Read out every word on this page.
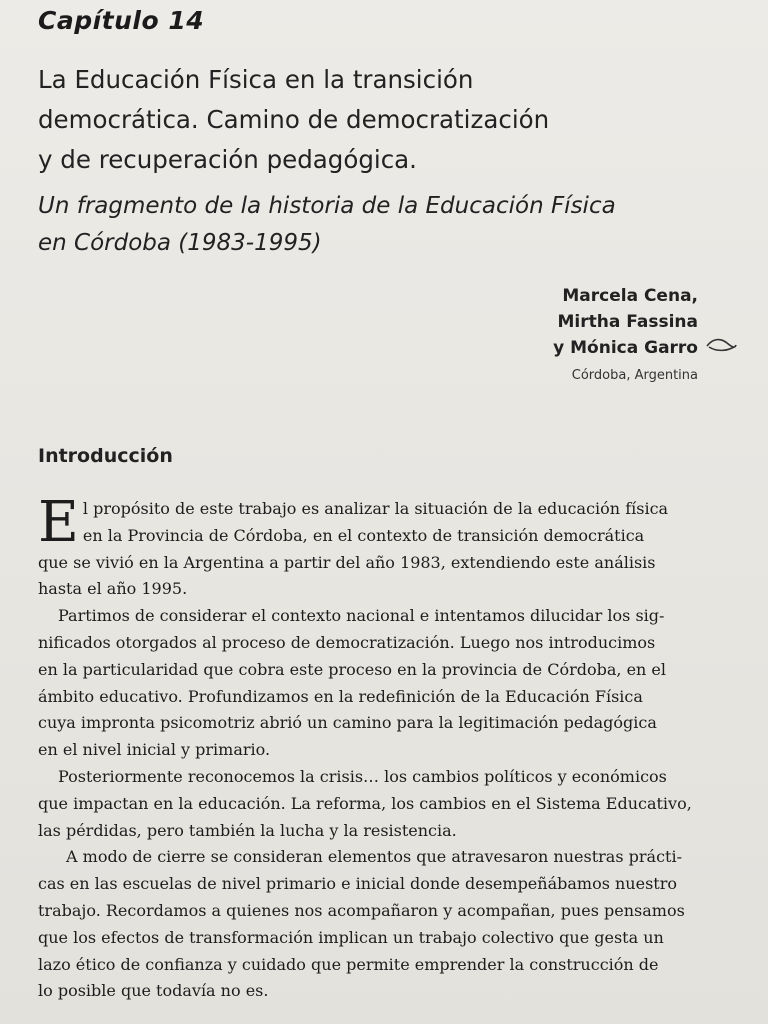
Capítulo 14
La Educación Física en la transición
democrática. Camino de democratización
y de recuperación pedagógica.
Un fragmento de la historia de la Educación Física
en Córdoba (1983-1995)
Marcela Cena,
Mirtha Fassina
y Mónica Garro
Córdoba, Argentina
Introducción

E l propósito de este trabajo es analizar la situación de la educación física
en la Provincia de Córdoba, en el contexto de transición democrática
que se vivió en la Argentina a partir del año 1983, extendiendo este análisis
hasta el año 1995.

Partimos de considerar el contexto nacional e intentamos dilucidar los sig-
nificados otorgados al proceso de democratización. Luego nos introducimos
en la particularidad que cobra este proceso en la provincia de Córdoba, en el
ámbito educativo. Profundizamos en la redefinición de la Educación Física
cuya impronta psicomotriz abrió un camino para la legitimación pedagógica
en el nivel inicial y primario.

Posteriormente reconocemos la crisis… los cambios políticos y económicos
que impactan en la educación. La reforma, los cambios en el Sistema Educativo,
las pérdidas, pero también la lucha y la resistencia.

A modo de cierre se consideran elementos que atravesaron nuestras prácti-
cas en las escuelas de nivel primario e inicial donde desempeñábamos nuestro
trabajo. Recordamos a quienes nos acompañaron y acompañan, pues pensamos
que los efectos de transformación implican un trabajo colectivo que gesta un
lazo ético de confianza y cuidado que permite emprender la construcción de
lo posible que todavía no es.
